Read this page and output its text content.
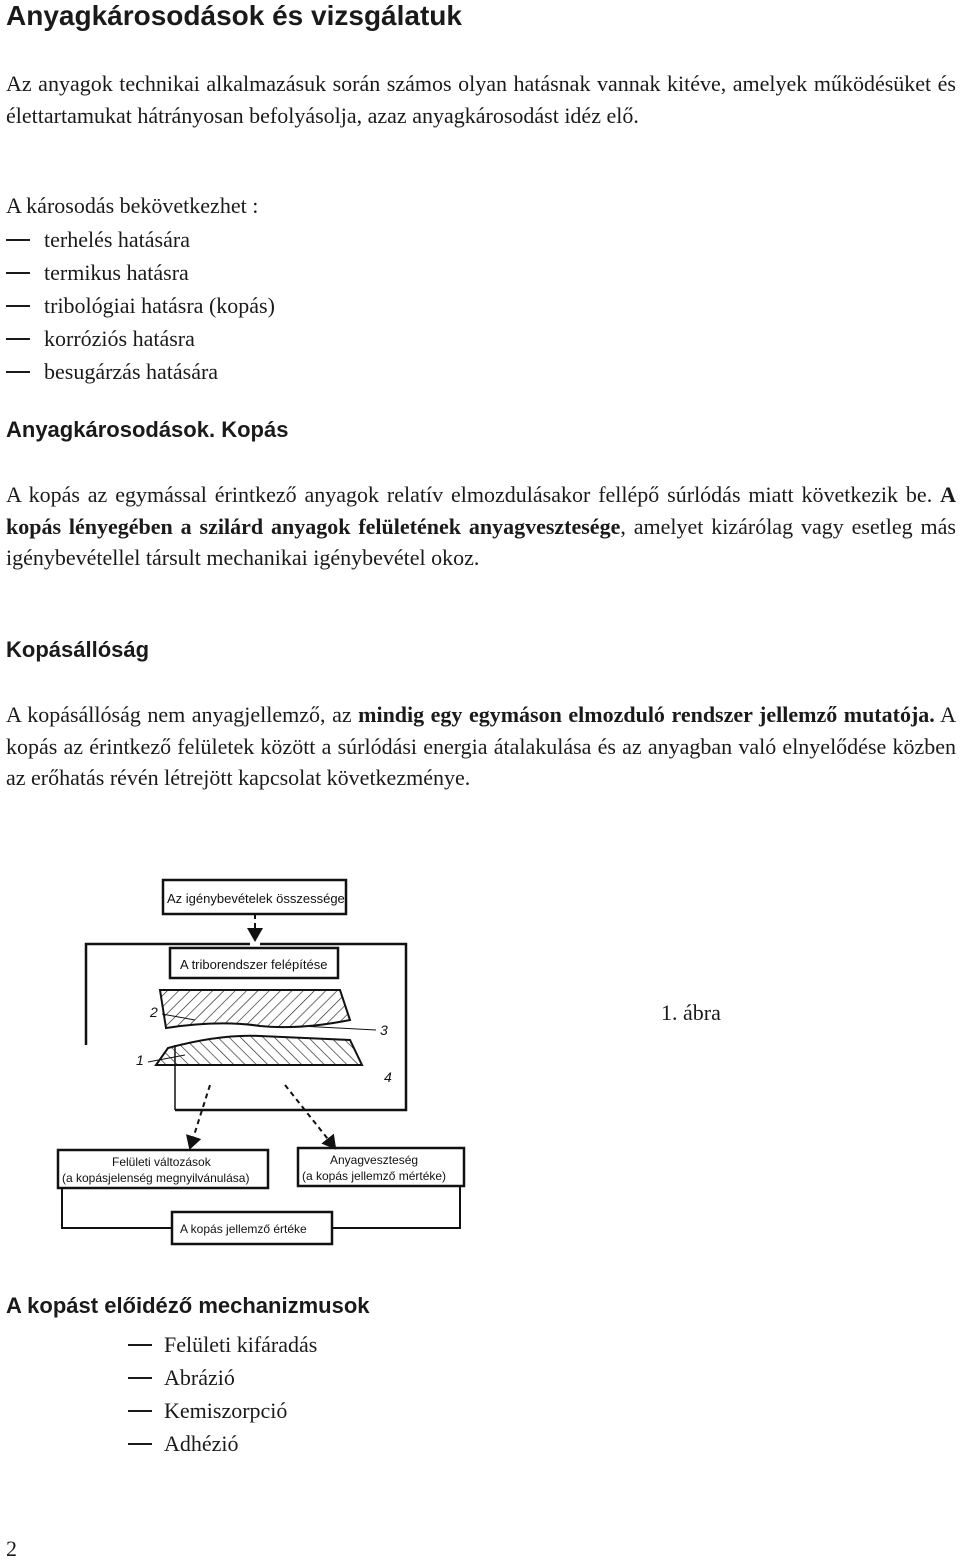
Anyagkárosodások és vizsgálatuk

Az anyagok technikai alkalmazásuk során számos olyan hatásnak vannak kitéve, amelyek működésüket és élettartamukat hátrányosan befolyásolja, azaz anyagkárosodást idéz elő.

A károsodás bekövetkezhet :
terhelés hatására
termikus hatásra
tribológiai hatásra (kopás)
korróziós hatásra
besugárzás hatására
Anyagkárosodások. Kopás

A kopás az egymással érintkező anyagok relatív elmozdulásakor fellépő súrlódás miatt következik be. A kopás lényegében a szilárd anyagok felületének anyagvesztesége, amelyet kizárólag vagy esetleg más igénybevétellel társult mechanikai igénybevétel okoz.

Kopásállóság

A kopásállóság nem anyagjellemző, az mindig egy egymáson elmozduló rendszer jellemző mutatója. A kopás az érintkező felületek között a súrlódási energia átalakulása és az anyagban való elnyelődése közben az erőhatás révén létrejött kapcsolat következménye.

Az igénybevételek összessége
A triborendszer felépítése
2
3
1
4
Felületi változások
(a kopásjelenség megnyilvánulása)
Anyagveszteség
(a kopás jellemző mértéke)
A kopás jellemző értéke
1. ábra
A kopást előidéző mechanizmusok
Felületi kifáradás
Abrázió
Kemiszorpció
Adhézió
2
